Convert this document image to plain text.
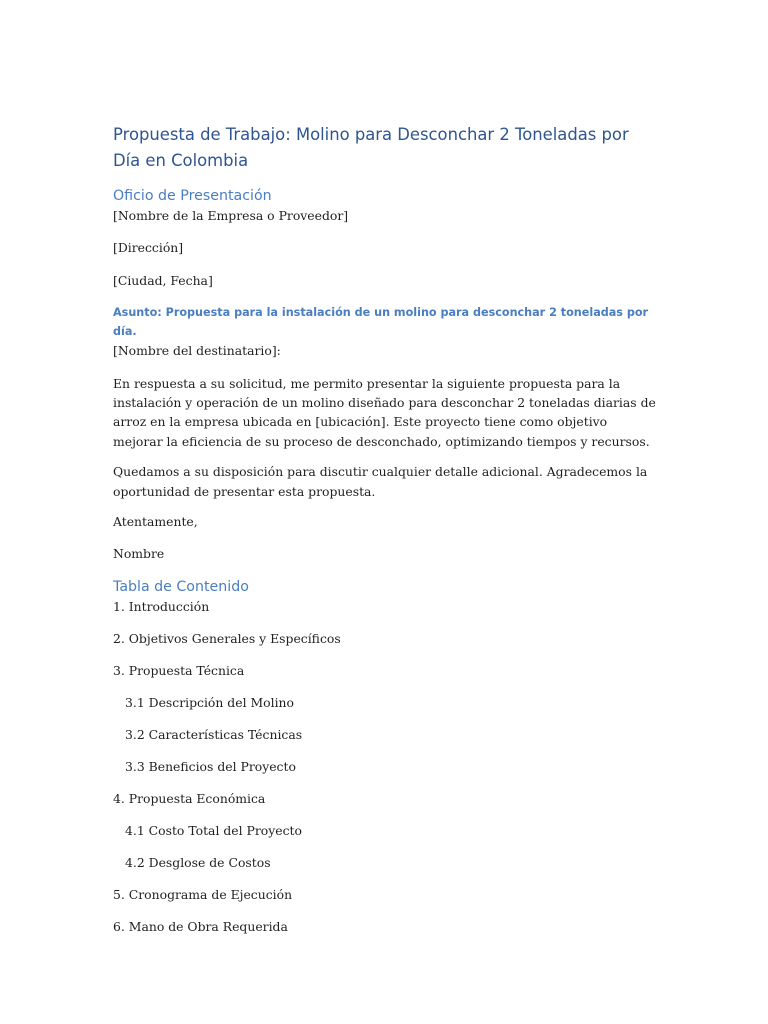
Propuesta de Trabajo: Molino para Desconchar 2 Toneladas por Día en Colombia
Oficio de Presentación

[Nombre de la Empresa o Proveedor]

[Dirección]

[Ciudad, Fecha]

Asunto: Propuesta para la instalación de un molino para desconchar 2 toneladas por día.

[Nombre del destinatario]:

En respuesta a su solicitud, me permito presentar la siguiente propuesta para la instalación y operación de un molino diseñado para desconchar 2 toneladas diarias de arroz en la empresa ubicada en [ubicación]. Este proyecto tiene como objetivo mejorar la eficiencia de su proceso de desconchado, optimizando tiempos y recursos.

Quedamos a su disposición para discutir cualquier detalle adicional. Agradecemos la oportunidad de presentar esta propuesta.

Atentamente,

Nombre

Tabla de Contenido
1. Introducción
2. Objetivos Generales y Específicos
3. Propuesta Técnica
3.1 Descripción del Molino
3.2 Características Técnicas
3.3 Beneficios del Proyecto
4. Propuesta Económica
4.1 Costo Total del Proyecto
4.2 Desglose de Costos
5. Cronograma de Ejecución
6. Mano de Obra Requerida
